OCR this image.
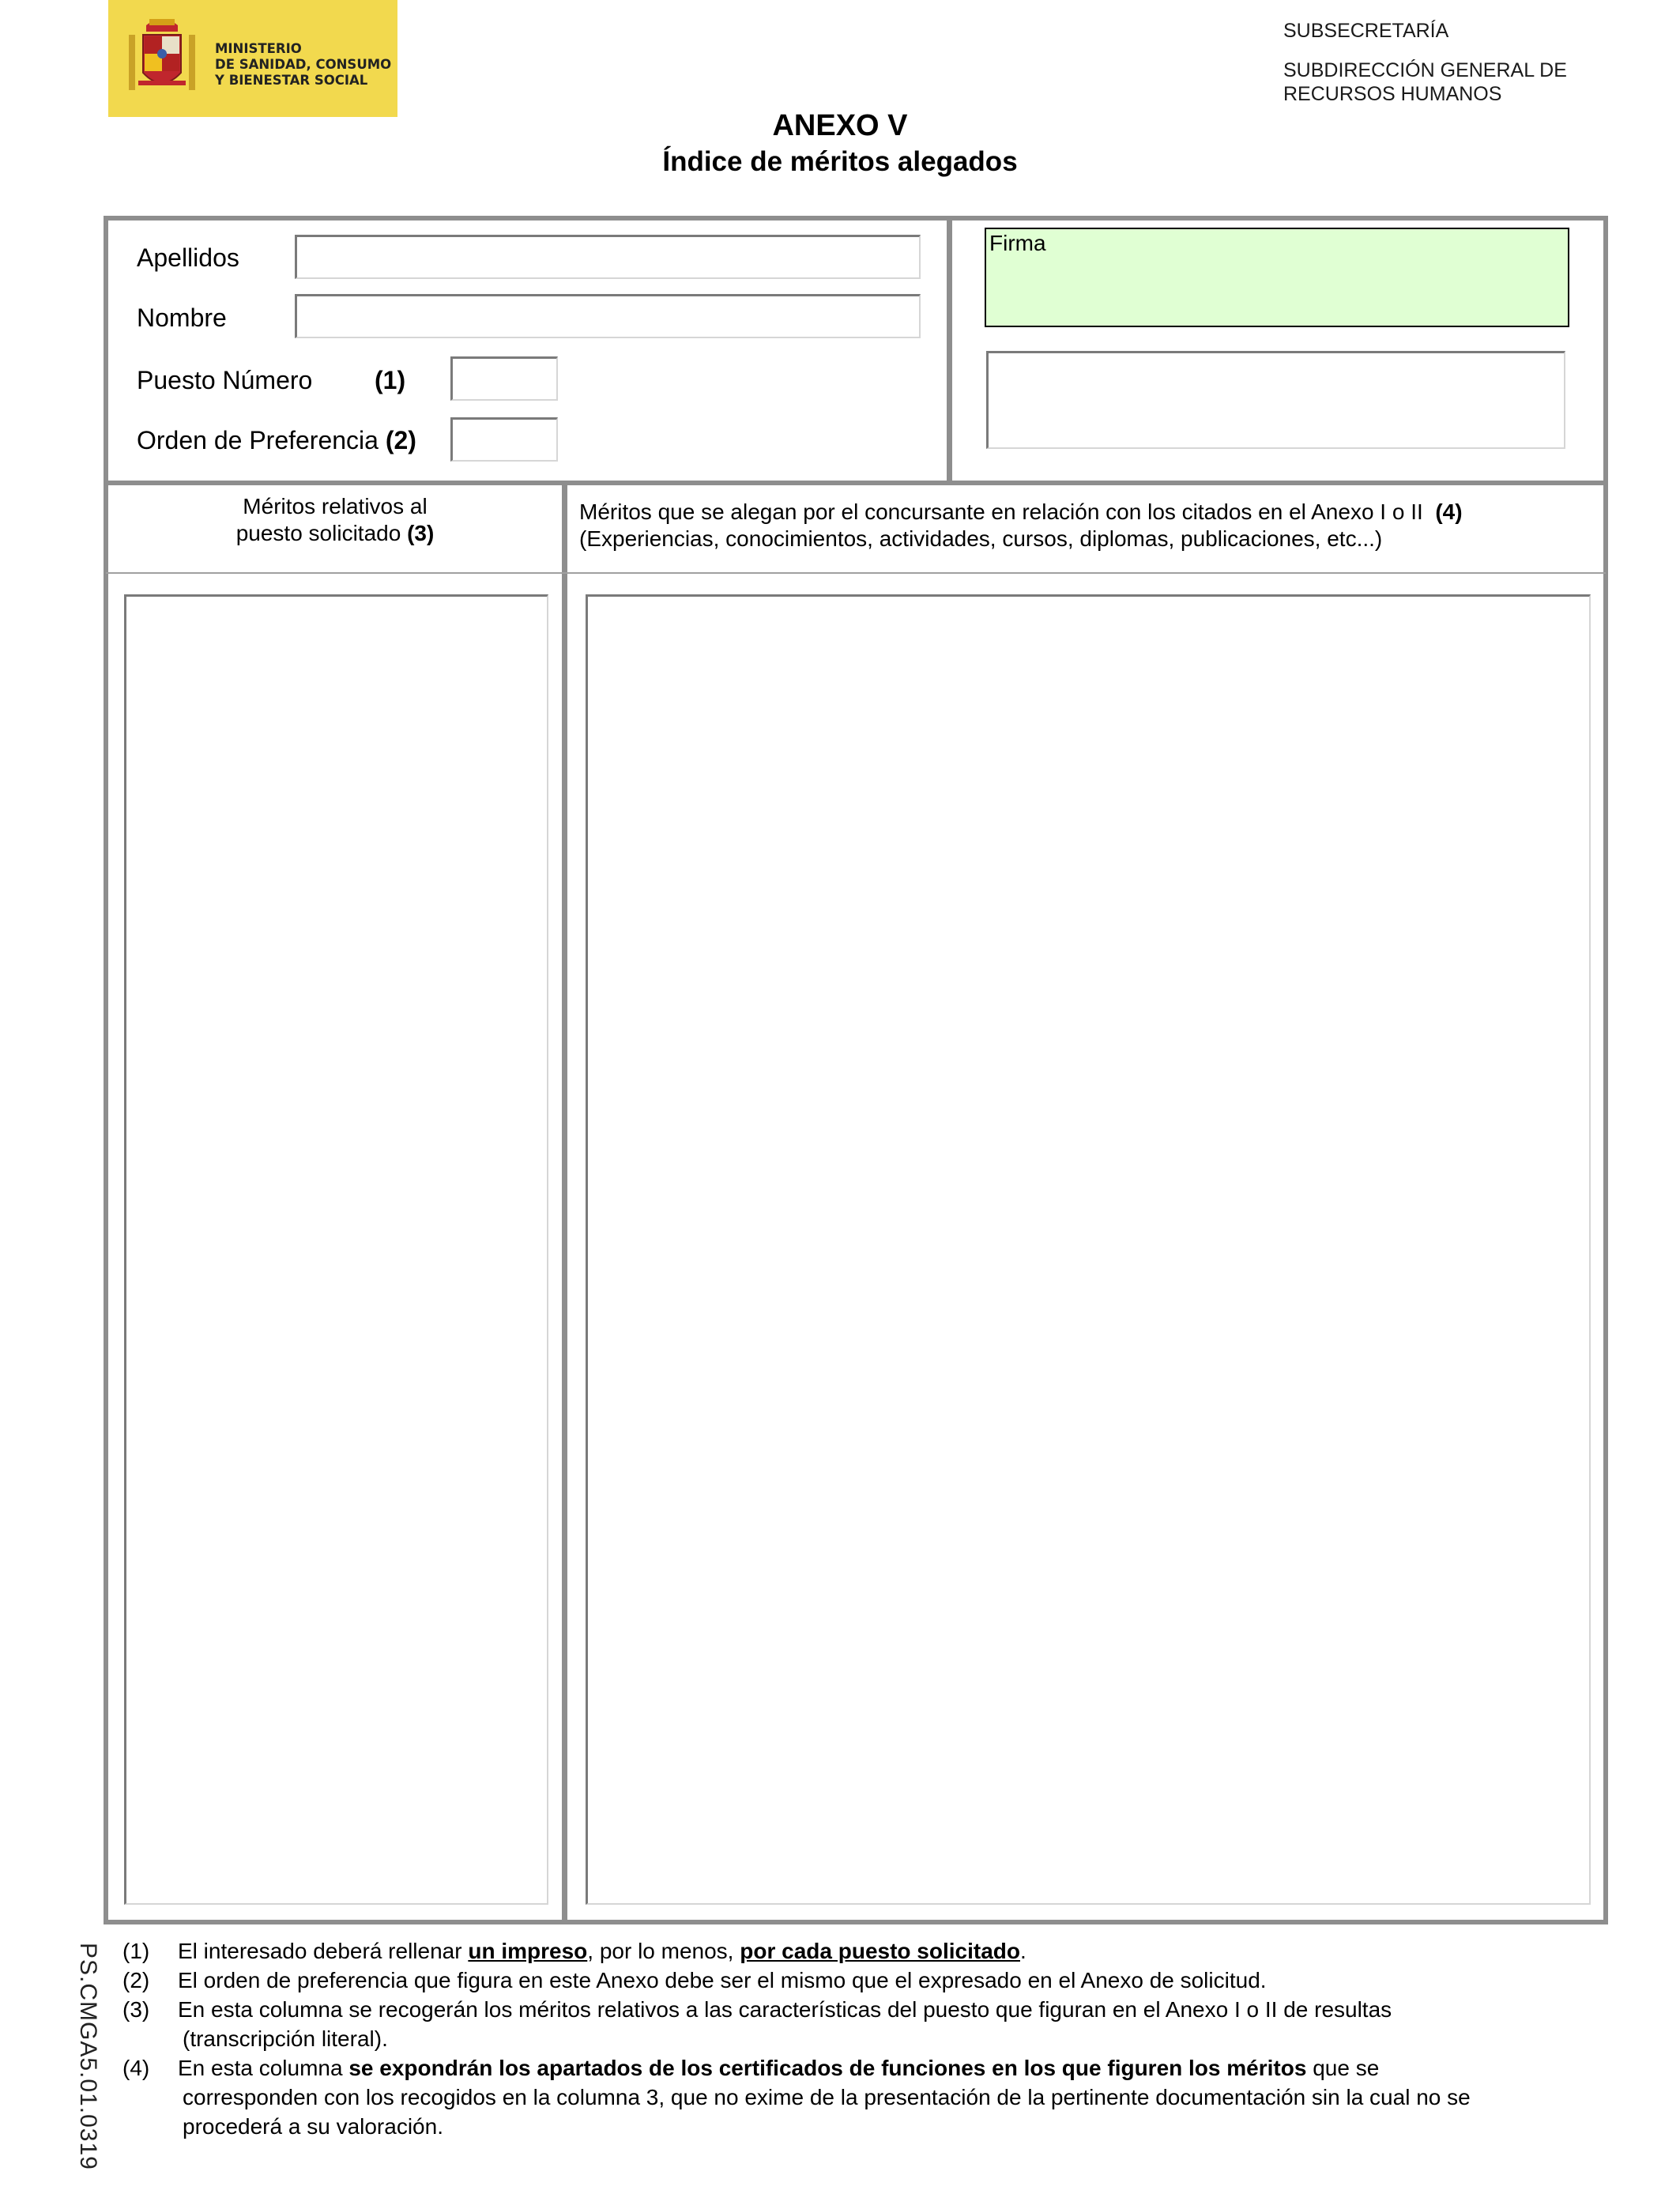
MINISTERIO
DE SANIDAD, CONSUMO
Y BIENESTAR SOCIAL
SUBSECRETARÍA
SUBDIRECCIÓN GENERAL DE
RECURSOS HUMANOS
ANEXO V
Índice de méritos alegados
Apellidos
Nombre
Puesto Número (1)
Orden de Preferencia (2)
Firma
Méritos relativos al
puesto solicitado (3)
Méritos que se alegan por el concursante en relación con los citados en el Anexo I o II (4)
(Experiencias, conocimientos, actividades, cursos, diplomas, publicaciones, etc...)
PS.CMGA5.01.0319 (1) El interesado deberá rellenar un impreso, por lo menos, por cada puesto solicitado.
(2) El orden de preferencia que figura en este Anexo debe ser el mismo que el expresado en el Anexo de solicitud.
(3) En esta columna se recogerán los méritos relativos a las características del puesto que figuran en el Anexo I o II de resultas
(transcripción literal).
(4) En esta columna se expondrán los apartados de los certificados de funciones en los que figuren los méritos que se
corresponden con los recogidos en la columna 3, que no exime de la presentación de la pertinente documentación sin la cual no se
procederá a su valoración.
